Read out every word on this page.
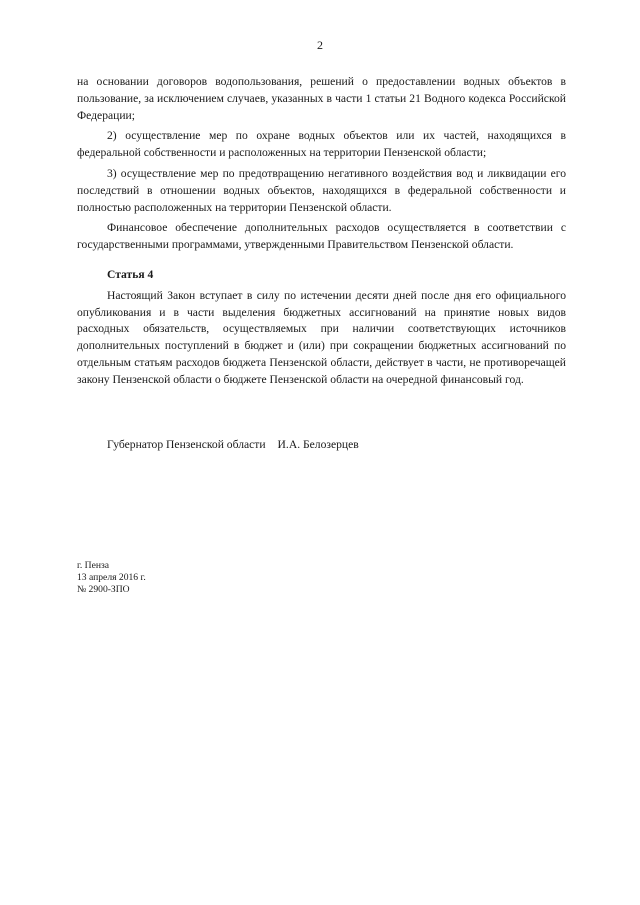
2

на основании договоров водопользования, решений о предоставлении водных объектов в пользование, за исключением случаев, указанных в части 1 статьи 21 Водного кодекса Российской Федерации;

2) осуществление мер по охране водных объектов или их частей, находящихся в федеральной собственности и расположенных на территории Пензенской области;

3) осуществление мер по предотвращению негативного воздействия вод и ликвидации его последствий в отношении водных объектов, находящихся в федеральной собственности и полностью расположенных на территории Пензенской области.

Финансовое обеспечение дополнительных расходов осуществляется в соответствии с государственными программами, утвержденными Правительством Пензенской области.

Статья 4

Настоящий Закон вступает в силу по истечении десяти дней после дня его официального опубликования и в части выделения бюджетных ассигнований на принятие новых видов расходных обязательств, осуществляемых при наличии соответствующих источников дополнительных поступлений в бюджет и (или) при сокращении бюджетных ассигнований по отдельным статьям расходов бюджета Пензенской области, действует в части, не противоречащей закону Пензенской области о бюджете Пензенской области на очередной финансовый год.

Губернатор Пензенской области И.А. Белозерцев
г. Пенза
13 апреля 2016 г.
№ 2900-ЗПО
